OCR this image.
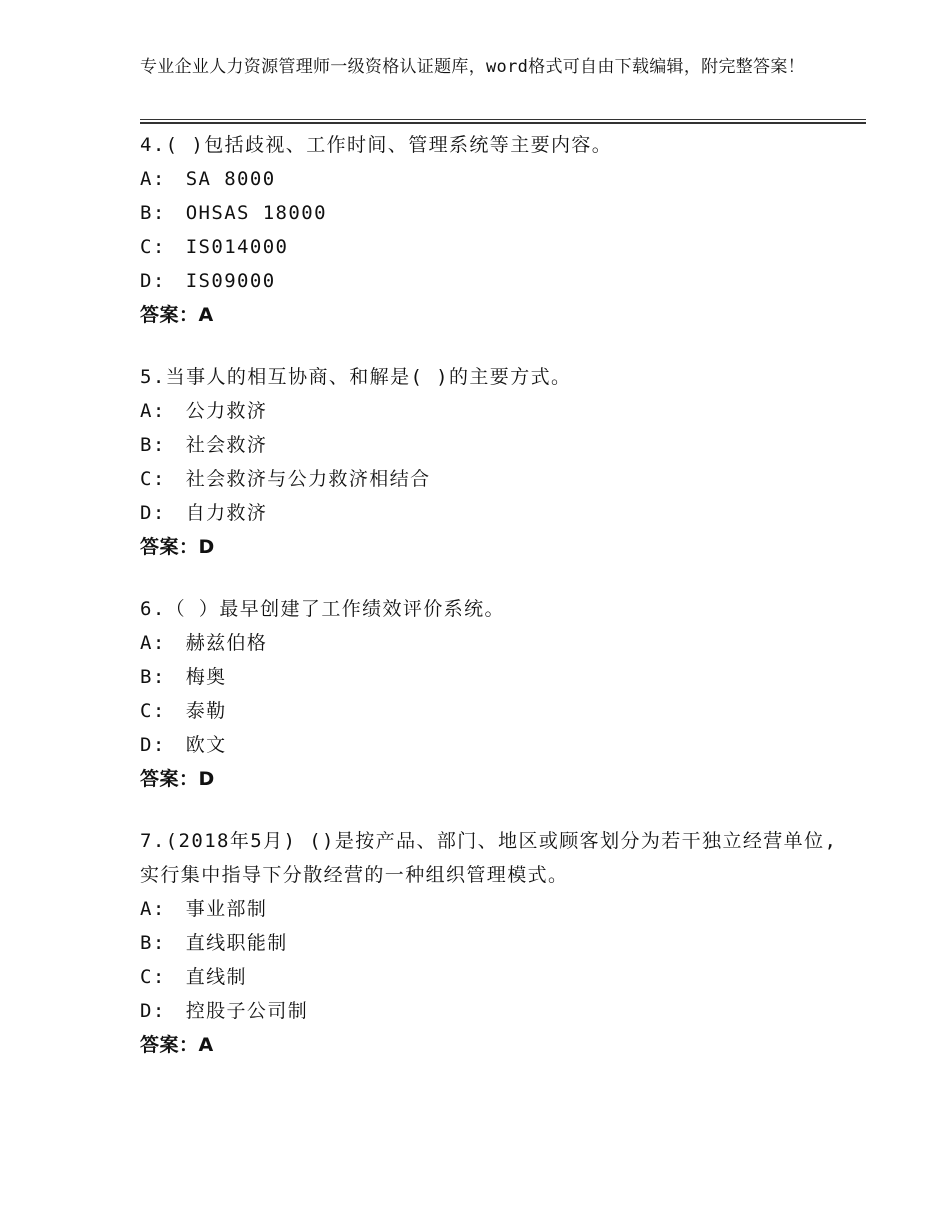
专业企业人力资源管理师一级资格认证题库，word格式可自由下载编辑，附完整答案！
4.( )包括歧视、工作时间、管理系统等主要内容。
A: SA 8000
B: OHSAS 18000
C: IS014000
D: IS09000
答案：A
5.当事人的相互协商、和解是( )的主要方式。
A: 公力救济
B: 社会救济
C: 社会救济与公力救济相结合
D: 自力救济
答案：D
6.（ ）最早创建了工作绩效评价系统。
A: 赫兹伯格
B: 梅奥
C: 泰勒
D: 欧文
答案：D
7.(2018年5月) ()是按产品、部门、地区或顾客划分为若干独立经营单位,实行集中指导下分散经营的一种组织管理模式。
A: 事业部制
B: 直线职能制
C: 直线制
D: 控股子公司制
答案：A
